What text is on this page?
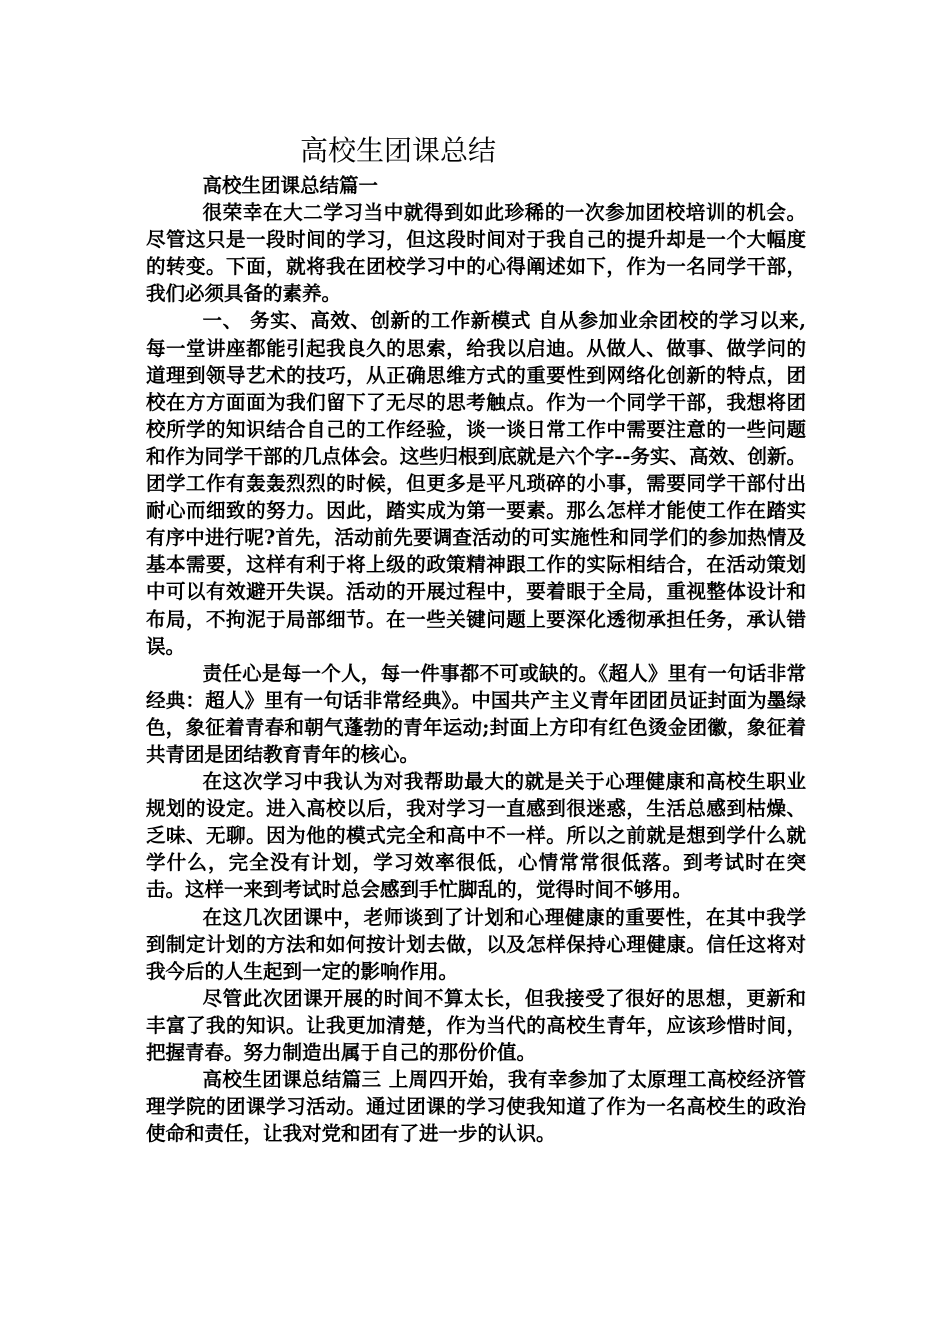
高校生团课总结

高校生团课总结篇一

很荣幸在大二学习当中就得到如此珍稀的一次参加团校培训的机会。尽管这只是一段时间的学习，但这段时间对于我自己的提升却是一个大幅度的转变。下面，就将我在团校学习中的心得阐述如下，作为一名同学干部，我们必须具备的素养。

一、 务实、高效、创新的工作新模式 自从参加业余团校的学习以来,每一堂讲座都能引起我良久的思索，给我以启迪。从做人、做事、做学问的道理到领导艺术的技巧，从正确思维方式的重要性到网络化创新的特点，团校在方方面面为我们留下了无尽的思考触点。作为一个同学干部，我想将团校所学的知识结合自己的工作经验，谈一谈日常工作中需要注意的一些问题和作为同学干部的几点体会。这些归根到底就是六个字--务实、高效、创新。团学工作有轰轰烈烈的时候，但更多是平凡琐碎的小事，需要同学干部付出耐心而细致的努力。因此，踏实成为第一要素。那么怎样才能使工作在踏实有序中进行呢?首先，活动前先要调查活动的可实施性和同学们的参加热情及基本需要，这样有利于将上级的政策精神跟工作的实际相结合，在活动策划中可以有效避开失误。活动的开展过程中，要着眼于全局，重视整体设计和布局，不拘泥于局部细节。在一些关键问题上要深化透彻承担任务，承认错误。

责任心是每一个人，每一件事都不可或缺的。《超人》里有一句话非常经典：超人》里有一句话非常经典》。中国共产主义青年团团员证封面为墨绿色，象征着青春和朝气蓬勃的青年运动;封面上方印有红色烫金团徽，象征着共青团是团结教育青年的核心。

在这次学习中我认为对我帮助最大的就是关于心理健康和高校生职业规划的设定。进入高校以后，我对学习一直感到很迷惑，生活总感到枯燥、乏味、无聊。因为他的模式完全和高中不一样。所以之前就是想到学什么就学什么，完全没有计划，学习效率很低，心情常常很低落。到考试时在突击。这样一来到考试时总会感到手忙脚乱的，觉得时间不够用。

在这几次团课中，老师谈到了计划和心理健康的重要性，在其中我学到制定计划的方法和如何按计划去做，以及怎样保持心理健康。信任这将对我今后的人生起到一定的影响作用。

尽管此次团课开展的时间不算太长，但我接受了很好的思想，更新和丰富了我的知识。让我更加清楚，作为当代的高校生青年，应该珍惜时间，把握青春。努力制造出属于自己的那份价值。

高校生团课总结篇三 上周四开始，我有幸参加了太原理工高校经济管理学院的团课学习活动。通过团课的学习使我知道了作为一名高校生的政治使命和责任，让我对党和团有了进一步的认识。
